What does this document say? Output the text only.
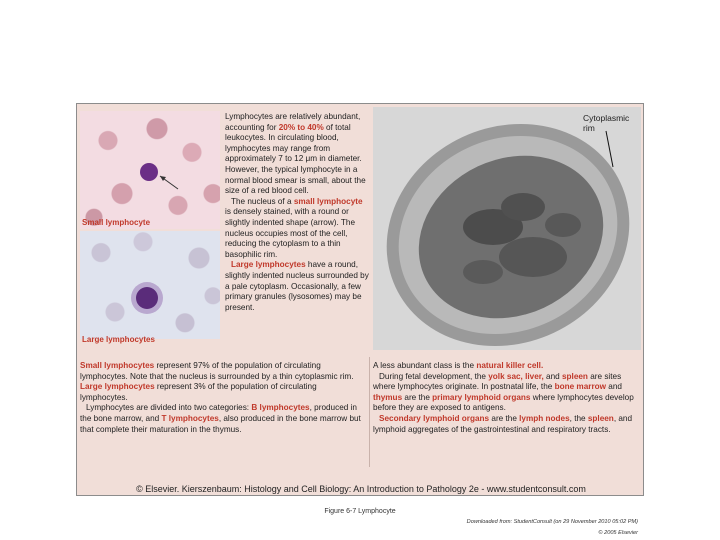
Small lymphocyte
Large lymphocytes

Lymphocytes are relatively abundant, accounting for 20% to 40% of total leukocytes. In circulating blood, lymphocytes may range from approximately 7 to 12 μm in diameter. However, the typical lymphocyte in a normal blood smear is small, about the size of a red blood cell.

The nucleus of a small lymphocyte is densely stained, with a round or slightly indented shape (arrow). The nucleus occupies most of the cell, reducing the cytoplasm to a thin basophilic rim.

Large lymphocytes have a round, slightly indented nucleus surrounded by a pale cytoplasm. Occasionally, a few primary granules (lysosomes) may be present.

Cytoplasmic rim

Small lymphocytes represent 97% of the population of circulating lymphocytes. Note that the nucleus is surrounded by a thin cytoplasmic rim. Large lymphocytes represent 3% of the population of circulating lymphocytes.

Lymphocytes are divided into two categories: B lymphocytes, produced in the bone marrow, and T lymphocytes, also produced in the bone marrow but that complete their maturation in the thymus.

A less abundant class is the natural killer cell.

During fetal development, the yolk sac, liver, and spleen are sites where lymphocytes originate. In postnatal life, the bone marrow and thymus are the primary lymphoid organs where lymphocytes develop before they are exposed to antigens.

Secondary lymphoid organs are the lymph nodes, the spleen, and lymphoid aggregates of the gastrointestinal and respiratory tracts.

© Elsevier. Kierszenbaum: Histology and Cell Biology: An Introduction to Pathology 2e - www.studentconsult.com
Figure 6-7 Lymphocyte
Downloaded from: StudentConsult (on 29 November 2010 05:02 PM)
© 2005 Elsevier
